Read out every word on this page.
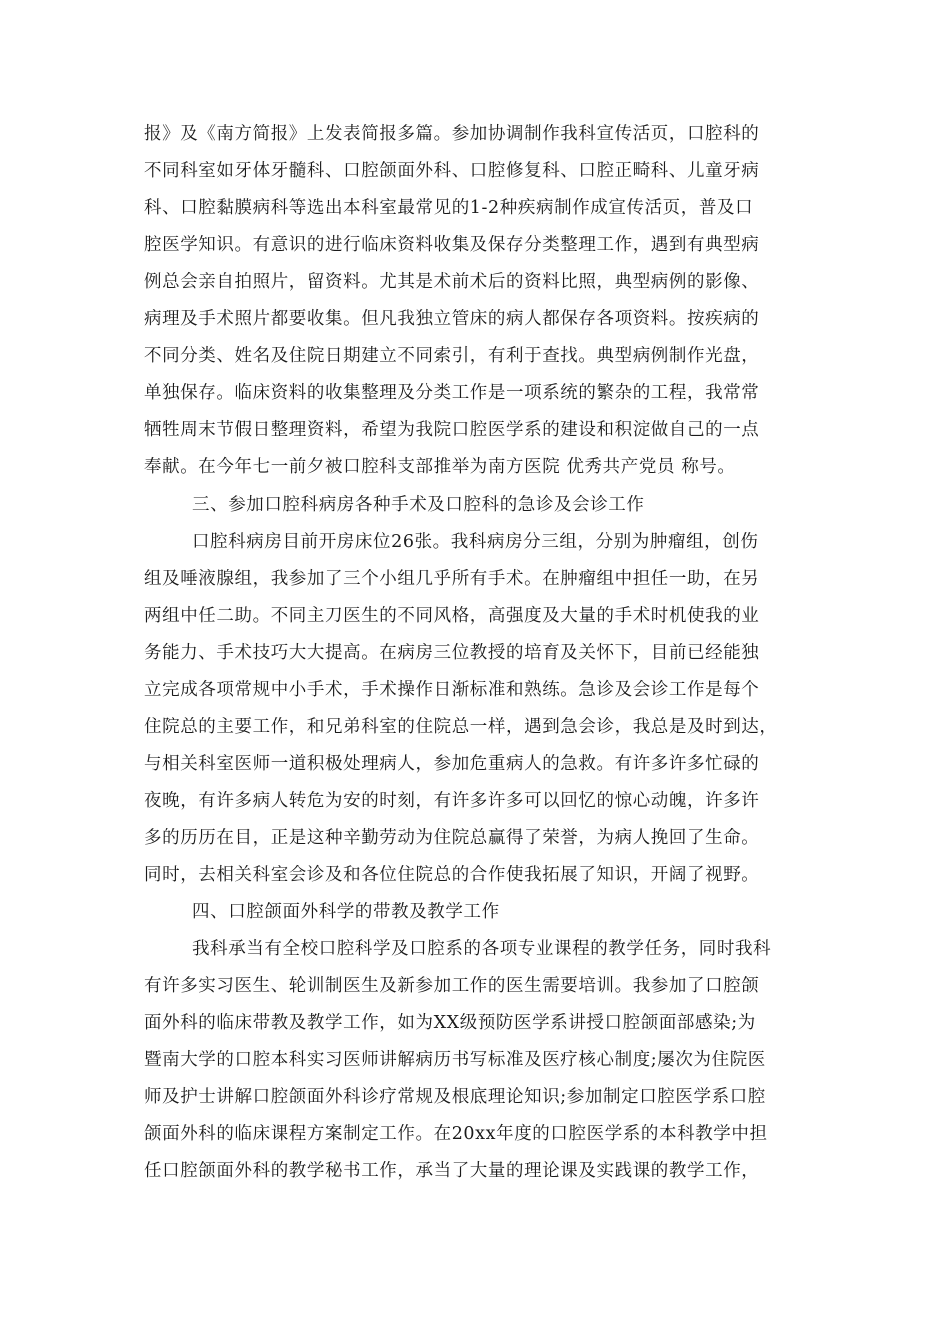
报》及《南方简报》上发表简报多篇。参加协调制作我科宣传活页，口腔科的
不同科室如牙体牙髓科、口腔颌面外科、口腔修复科、口腔正畸科、儿童牙病
科、口腔黏膜病科等选出本科室最常见的1-2种疾病制作成宣传活页，普及口
腔医学知识。有意识的进行临床资料收集及保存分类整理工作，遇到有典型病
例总会亲自拍照片，留资料。尤其是术前术后的资料比照，典型病例的影像、
病理及手术照片都要收集。但凡我独立管床的病人都保存各项资料。按疾病的
不同分类、姓名及住院日期建立不同索引，有利于查找。典型病例制作光盘，
单独保存。临床资料的收集整理及分类工作是一项系统的繁杂的工程，我常常
牺牲周末节假日整理资料，希望为我院口腔医学系的建设和积淀做自己的一点
奉献。在今年七一前夕被口腔科支部推举为南方医院 优秀共产党员 称号。
三、参加口腔科病房各种手术及口腔科的急诊及会诊工作
口腔科病房目前开房床位26张。我科病房分三组，分别为肿瘤组，创伤
组及唾液腺组，我参加了三个小组几乎所有手术。在肿瘤组中担任一助，在另
两组中任二助。不同主刀医生的不同风格，高强度及大量的手术时机使我的业
务能力、手术技巧大大提高。在病房三位教授的培育及关怀下，目前已经能独
立完成各项常规中小手术，手术操作日渐标准和熟练。急诊及会诊工作是每个
住院总的主要工作，和兄弟科室的住院总一样，遇到急会诊，我总是及时到达，
与相关科室医师一道积极处理病人，参加危重病人的急救。有许多许多忙碌的
夜晚，有许多病人转危为安的时刻，有许多许多可以回忆的惊心动魄，许多许
多的历历在目，正是这种辛勤劳动为住院总赢得了荣誉，为病人挽回了生命。
同时，去相关科室会诊及和各位住院总的合作使我拓展了知识，开阔了视野。
四、口腔颌面外科学的带教及教学工作
我科承当有全校口腔科学及口腔系的各项专业课程的教学任务，同时我科
有许多实习医生、轮训制医生及新参加工作的医生需要培训。我参加了口腔颌
面外科的临床带教及教学工作，如为XX级预防医学系讲授口腔颌面部感染;为
暨南大学的口腔本科实习医师讲解病历书写标准及医疗核心制度;屡次为住院医
师及护士讲解口腔颌面外科诊疗常规及根底理论知识;参加制定口腔医学系口腔
颌面外科的临床课程方案制定工作。在20xx年度的口腔医学系的本科教学中担
任口腔颌面外科的教学秘书工作，承当了大量的理论课及实践课的教学工作，
